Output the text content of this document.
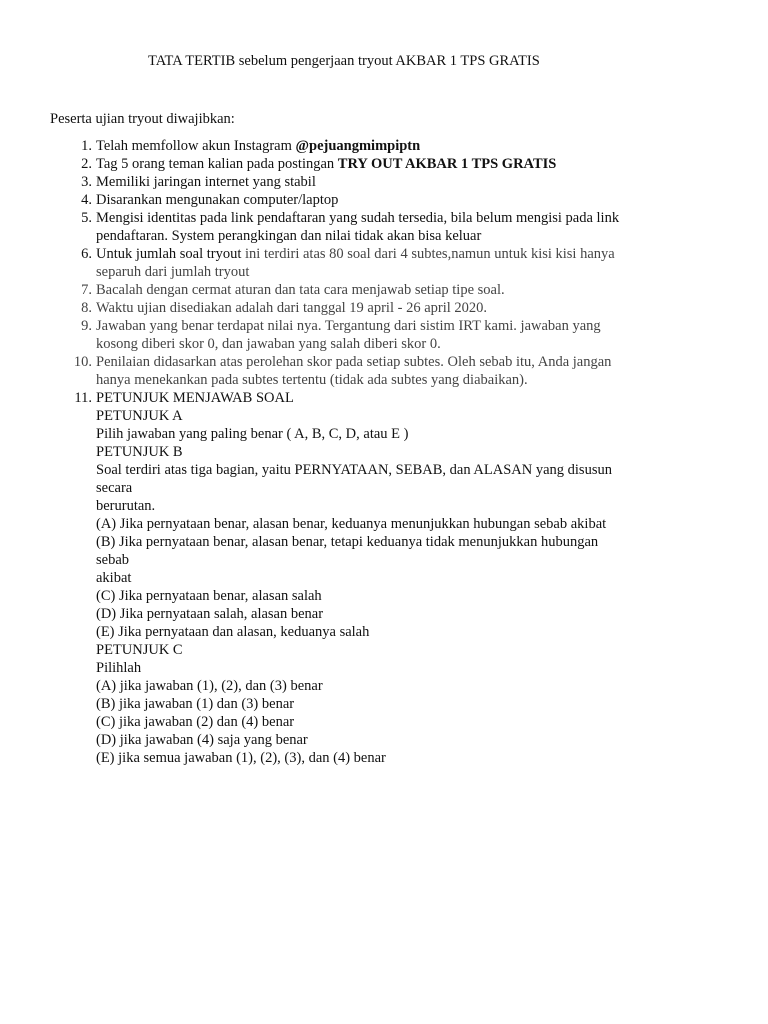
TATA TERTIB sebelum pengerjaan tryout AKBAR 1 TPS GRATIS
Peserta ujian tryout diwajibkan:
1. Telah memfollow akun Instagram @pejuangmimpiptn
2. Tag 5 orang teman kalian pada postingan TRY OUT AKBAR 1 TPS GRATIS
3. Memiliki jaringan internet yang stabil
4. Disarankan mengunakan computer/laptop
5. Mengisi identitas pada link pendaftaran yang sudah tersedia, bila belum mengisi pada link
pendaftaran. System perangkingan dan nilai tidak akan bisa keluar
6. Untuk jumlah soal tryout ini terdiri atas 80 soal dari 4 subtes,namun untuk kisi kisi hanya
separuh dari jumlah tryout
7. Bacalah dengan cermat aturan dan tata cara menjawab setiap tipe soal.
8. Waktu ujian disediakan adalah dari tanggal 19 april - 26 april 2020.
9. Jawaban yang benar terdapat nilai nya. Tergantung dari sistim IRT kami. jawaban yang
kosong diberi skor 0, dan jawaban yang salah diberi skor 0.
10. Penilaian didasarkan atas perolehan skor pada setiap subtes. Oleh sebab itu, Anda jangan
hanya menekankan pada subtes tertentu (tidak ada subtes yang diabaikan).
11. PETUNJUK MENJAWAB SOAL
PETUNJUK A
Pilih jawaban yang paling benar ( A, B, C, D, atau E )
PETUNJUK B
Soal terdiri atas tiga bagian, yaitu PERNYATAAN, SEBAB, dan ALASAN yang disusun
secara
berurutan.
(A) Jika pernyataan benar, alasan benar, keduanya menunjukkan hubungan sebab akibat
(B) Jika pernyataan benar, alasan benar, tetapi keduanya tidak menunjukkan hubungan
sebab
akibat
(C) Jika pernyataan benar, alasan salah
(D) Jika pernyataan salah, alasan benar
(E) Jika pernyataan dan alasan, keduanya salah
PETUNJUK C
Pilihlah
(A) jika jawaban (1), (2), dan (3) benar
(B) jika jawaban (1) dan (3) benar
(C) jika jawaban (2) dan (4) benar
(D) jika jawaban (4) saja yang benar
(E) jika semua jawaban (1), (2), (3), dan (4) benar
